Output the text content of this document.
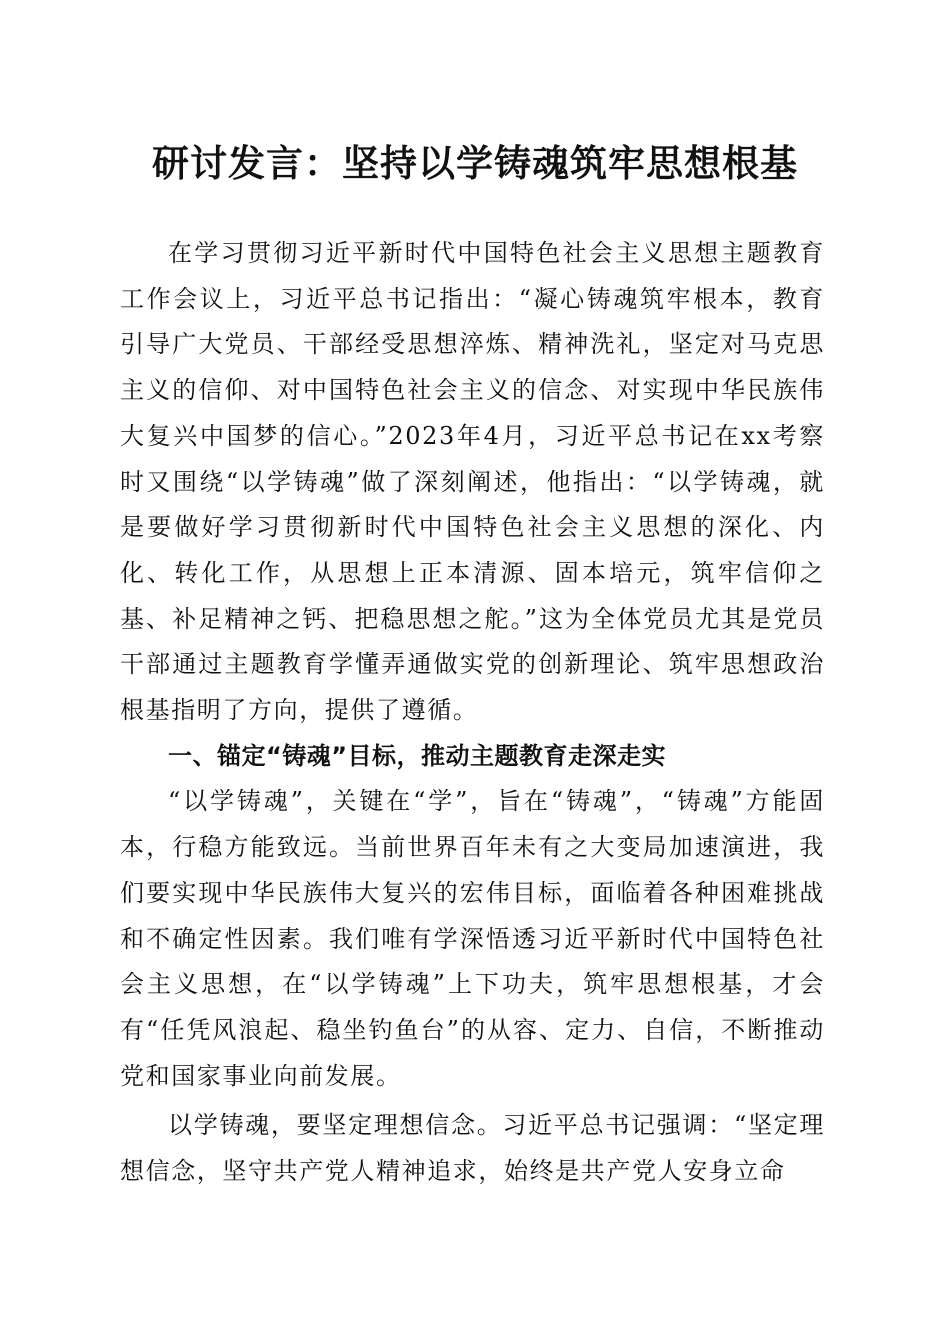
研讨发言：坚持以学铸魂筑牢思想根基

在学习贯彻习近平新时代中国特色社会主义思想主题教育工作会议上，习近平总书记指出：“凝心铸魂筑牢根本，教育引导广大党员、干部经受思想淬炼、精神洗礼，坚定对马克思主义的信仰、对中国特色社会主义的信念、对实现中华民族伟大复兴中国梦的信心。”2023年4月，习近平总书记在xx考察时又围绕“以学铸魂”做了深刻阐述，他指出：“以学铸魂，就是要做好学习贯彻新时代中国特色社会主义思想的深化、内化、转化工作，从思想上正本清源、固本培元，筑牢信仰之基、补足精神之钙、把稳思想之舵。”这为全体党员尤其是党员干部通过主题教育学懂弄通做实党的创新理论、筑牢思想政治根基指明了方向，提供了遵循。

一、锚定“铸魂”目标，推动主题教育走深走实

“以学铸魂”，关键在“学”，旨在“铸魂”，“铸魂”方能固本，行稳方能致远。当前世界百年未有之大变局加速演进，我们要实现中华民族伟大复兴的宏伟目标，面临着各种困难挑战和不确定性因素。我们唯有学深悟透习近平新时代中国特色社会主义思想，在“以学铸魂”上下功夫，筑牢思想根基，才会有“任凭风浪起、稳坐钓鱼台”的从容、定力、自信，不断推动党和国家事业向前发展。

以学铸魂，要坚定理想信念。习近平总书记强调：“坚定理想信念，坚守共产党人精神追求，始终是共产党人安身立命
